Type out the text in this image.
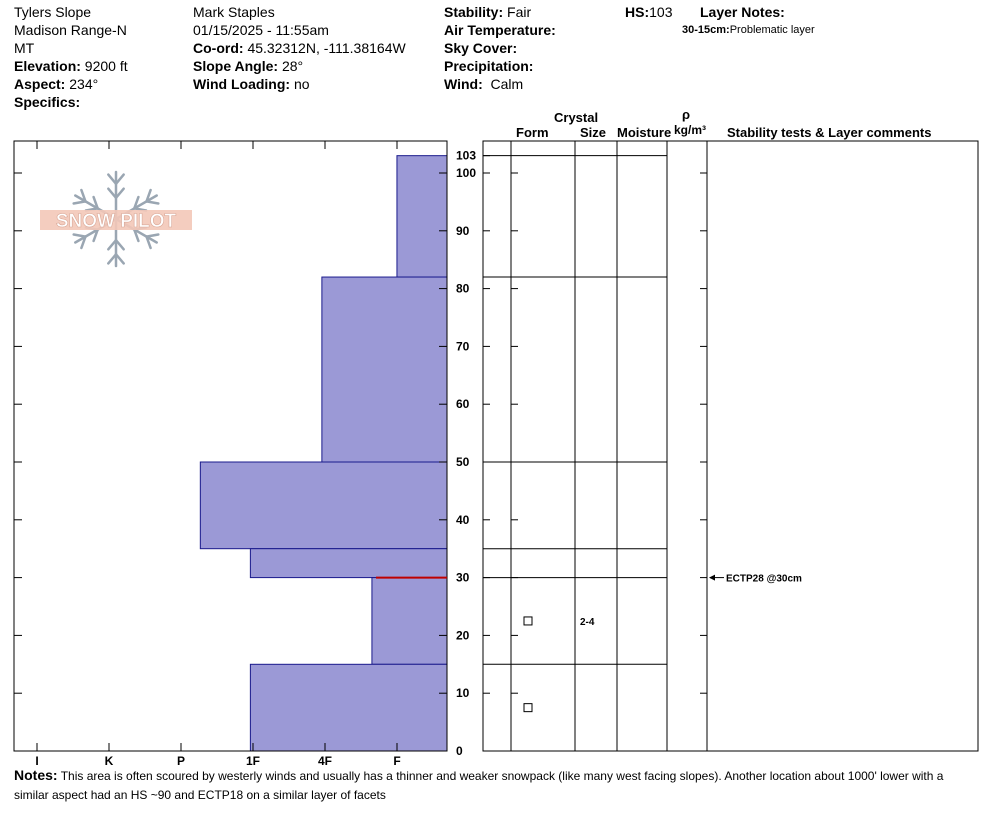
Tylers Slope
Madison Range-N
MT
Elevation: 9200 ft
Aspect: 234°
Specifics:
Mark Staples
01/15/2025 - 11:55am
Co-ord: 45.32312N, -111.38164W
Slope Angle: 28°
Wind Loading: no
Stability: Fair
Air Temperature:
Sky Cover:
Precipitation:
Wind: Calm
HS:103 Layer Notes:
30-15cm:Problematic layer
Crystal
Form Size Moisture
ρ
kg/m³ Stability tests & Layer comments
SNOW PILOT
0
10
20
30
40
50
60
70
80
90
100
103
I	K	P	1F	4F	F
2-4
ECTP28 @30cm
Notes: This area is often scoured by westerly winds and usually has a thinner and weaker snowpack (like many west facing slopes). Another location about 1000' lower with a similar aspect had an HS ~90 and ECTP18 on a similar layer of facets
